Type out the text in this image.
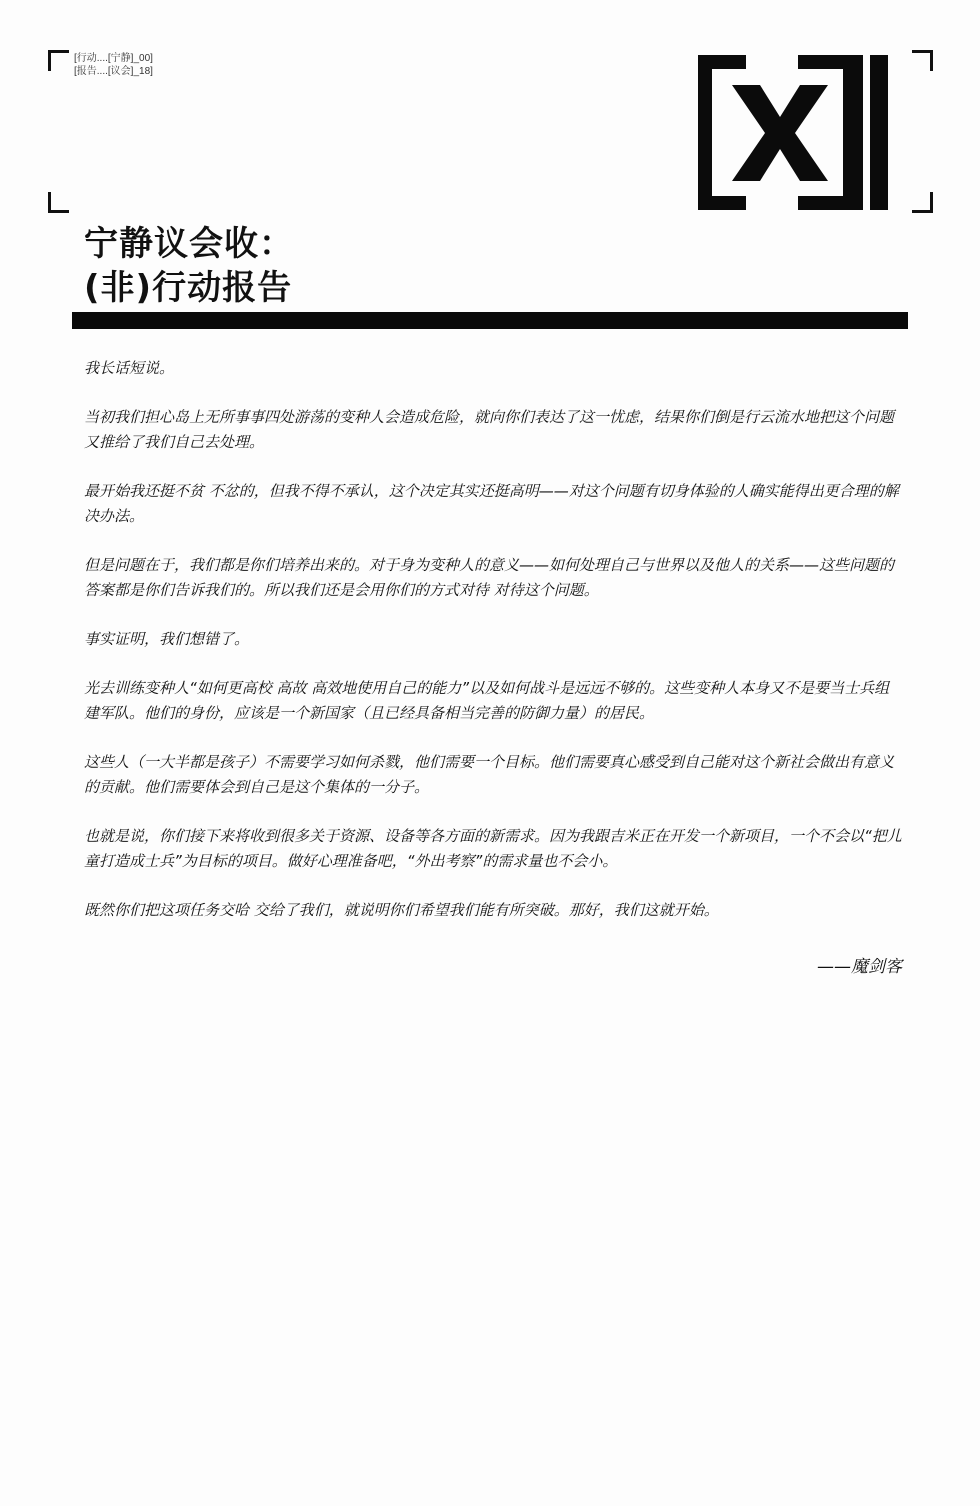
[行动....[宁静]_00]
[报告....[议会]_18]
宁静议会收：
(非)行动报告

我长话短说。

当初我们担心岛上无所事事四处游荡的变种人会造成危险，就向你们表达了这一忧虑，结果你们倒是行云流水地把这个问题又推给了我们自己去处理。

最开始我还挺不贫 不忿的，但我不得不承认，这个决定其实还挺高明——对这个问题有切身体验的人确实能得出更合理的解决办法。

但是问题在于，我们都是你们培养出来的。对于身为变种人的意义——如何处理自己与世界以及他人的关系——这些问题的答案都是你们告诉我们的。所以我们还是会用你们的方式对待 对待这个问题。

事实证明，我们想错了。

光去训练变种人“如何更高校 高故 高效地使用自己的能力”以及如何战斗是远远不够的。这些变种人本身又不是要当士兵组建军队。他们的身份，应该是一个新国家（且已经具备相当完善的防御力量）的居民。

这些人（一大半都是孩子）不需要学习如何杀戮，他们需要一个目标。他们需要真心感受到自己能对这个新社会做出有意义的贡献。他们需要体会到自己是这个集体的一分子。

也就是说，你们接下来将收到很多关于资源、设备等各方面的新需求。因为我跟吉米正在开发一个新项目，一个不会以“把儿童打造成士兵”为目标的项目。做好心理准备吧，“外出考察”的需求量也不会小。

既然你们把这项任务交哈 交给了我们，就说明你们希望我们能有所突破。那好，我们这就开始。

——魔剑客
